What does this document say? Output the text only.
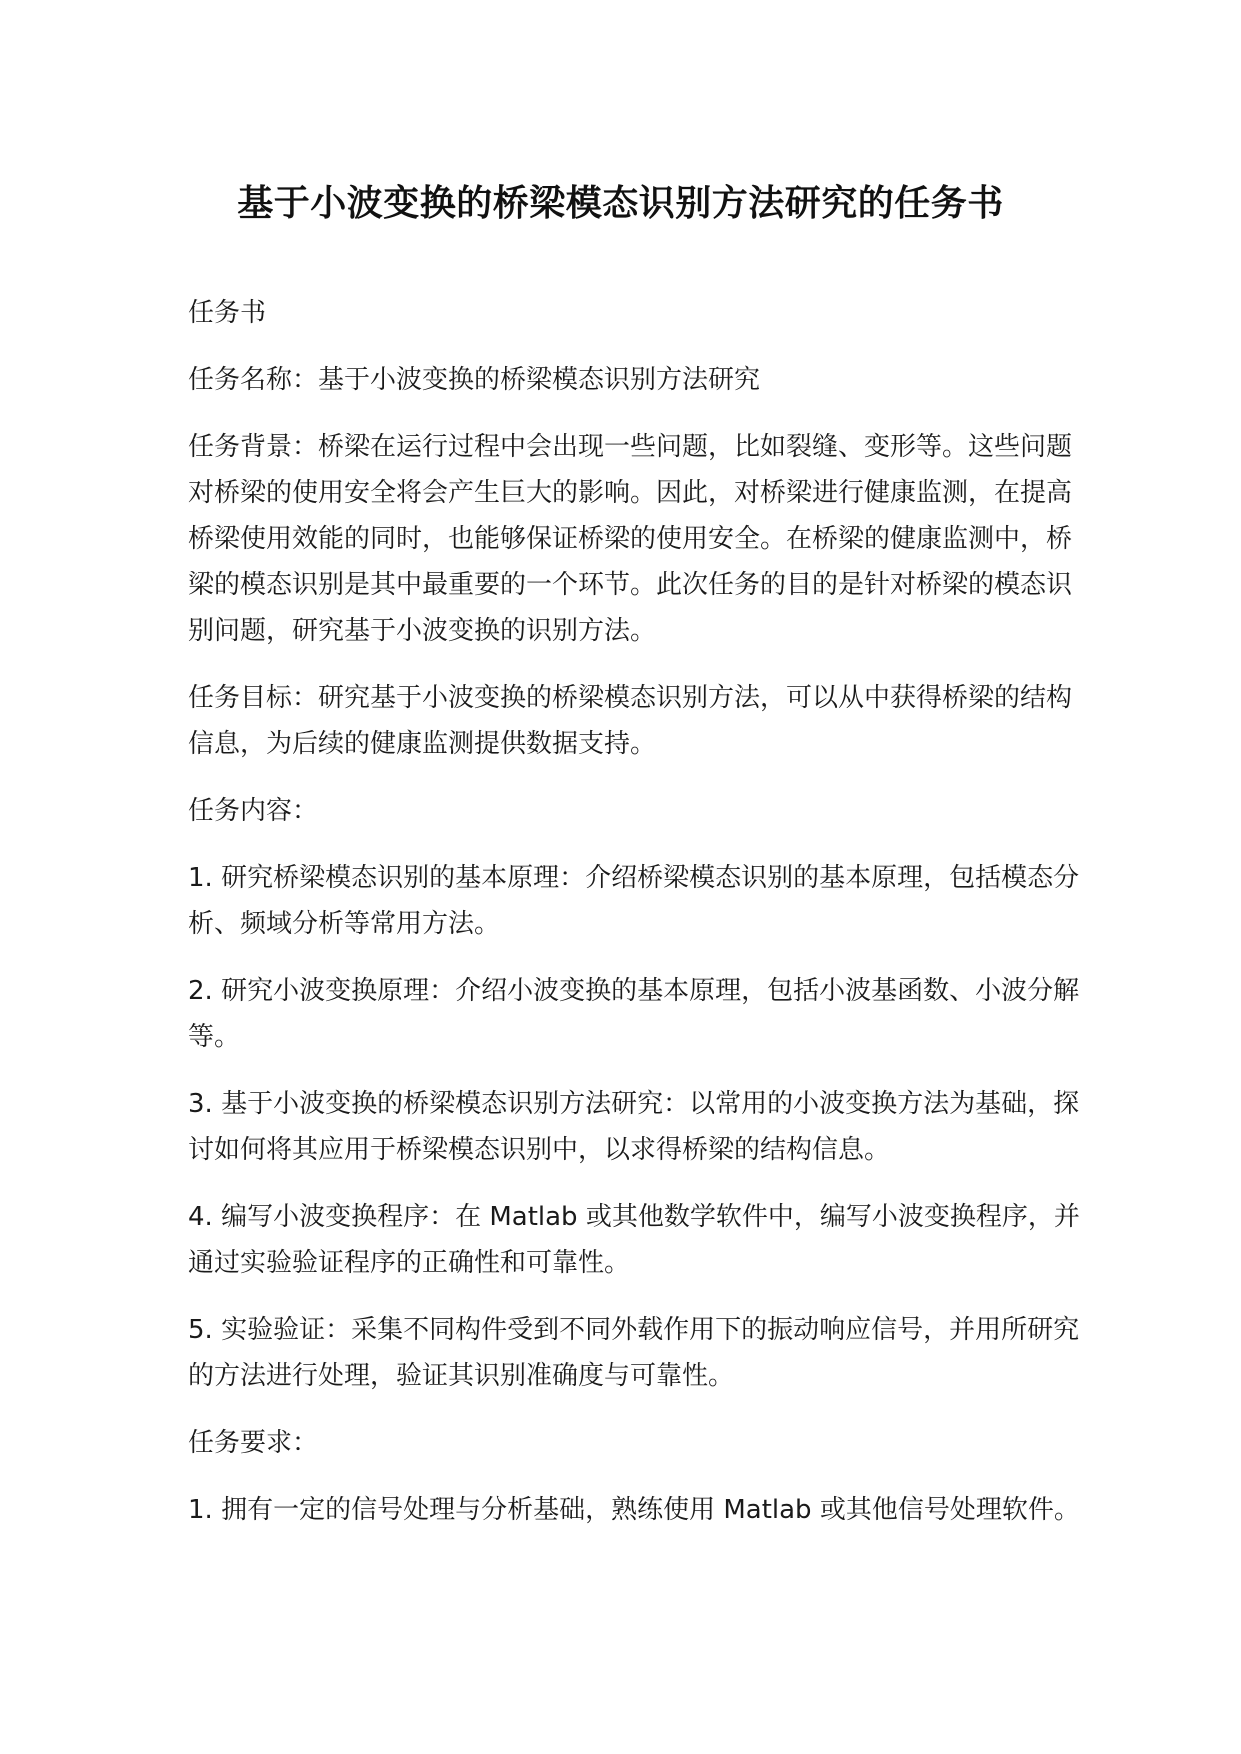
基于小波变换的桥梁模态识别方法研究的任务书

任务书

任务名称：基于小波变换的桥梁模态识别方法研究

任务背景：桥梁在运行过程中会出现一些问题，比如裂缝、变形等。这些问题对桥梁的使用安全将会产生巨大的影响。因此，对桥梁进行健康监测，在提高桥梁使用效能的同时，也能够保证桥梁的使用安全。在桥梁的健康监测中，桥梁的模态识别是其中最重要的一个环节。此次任务的目的是针对桥梁的模态识别问题，研究基于小波变换的识别方法。

任务目标：研究基于小波变换的桥梁模态识别方法，可以从中获得桥梁的结构信息，为后续的健康监测提供数据支持。

任务内容：

1. 研究桥梁模态识别的基本原理：介绍桥梁模态识别的基本原理，包括模态分析、频域分析等常用方法。

2. 研究小波变换原理：介绍小波变换的基本原理，包括小波基函数、小波分解等。

3. 基于小波变换的桥梁模态识别方法研究：以常用的小波变换方法为基础，探讨如何将其应用于桥梁模态识别中，以求得桥梁的结构信息。

4. 编写小波变换程序：在 Matlab 或其他数学软件中，编写小波变换程序，并通过实验验证程序的正确性和可靠性。

5. 实验验证：采集不同构件受到不同外载作用下的振动响应信号，并用所研究的方法进行处理，验证其识别准确度与可靠性。

任务要求：

1. 拥有一定的信号处理与分析基础，熟练使用 Matlab 或其他信号处理软件。
